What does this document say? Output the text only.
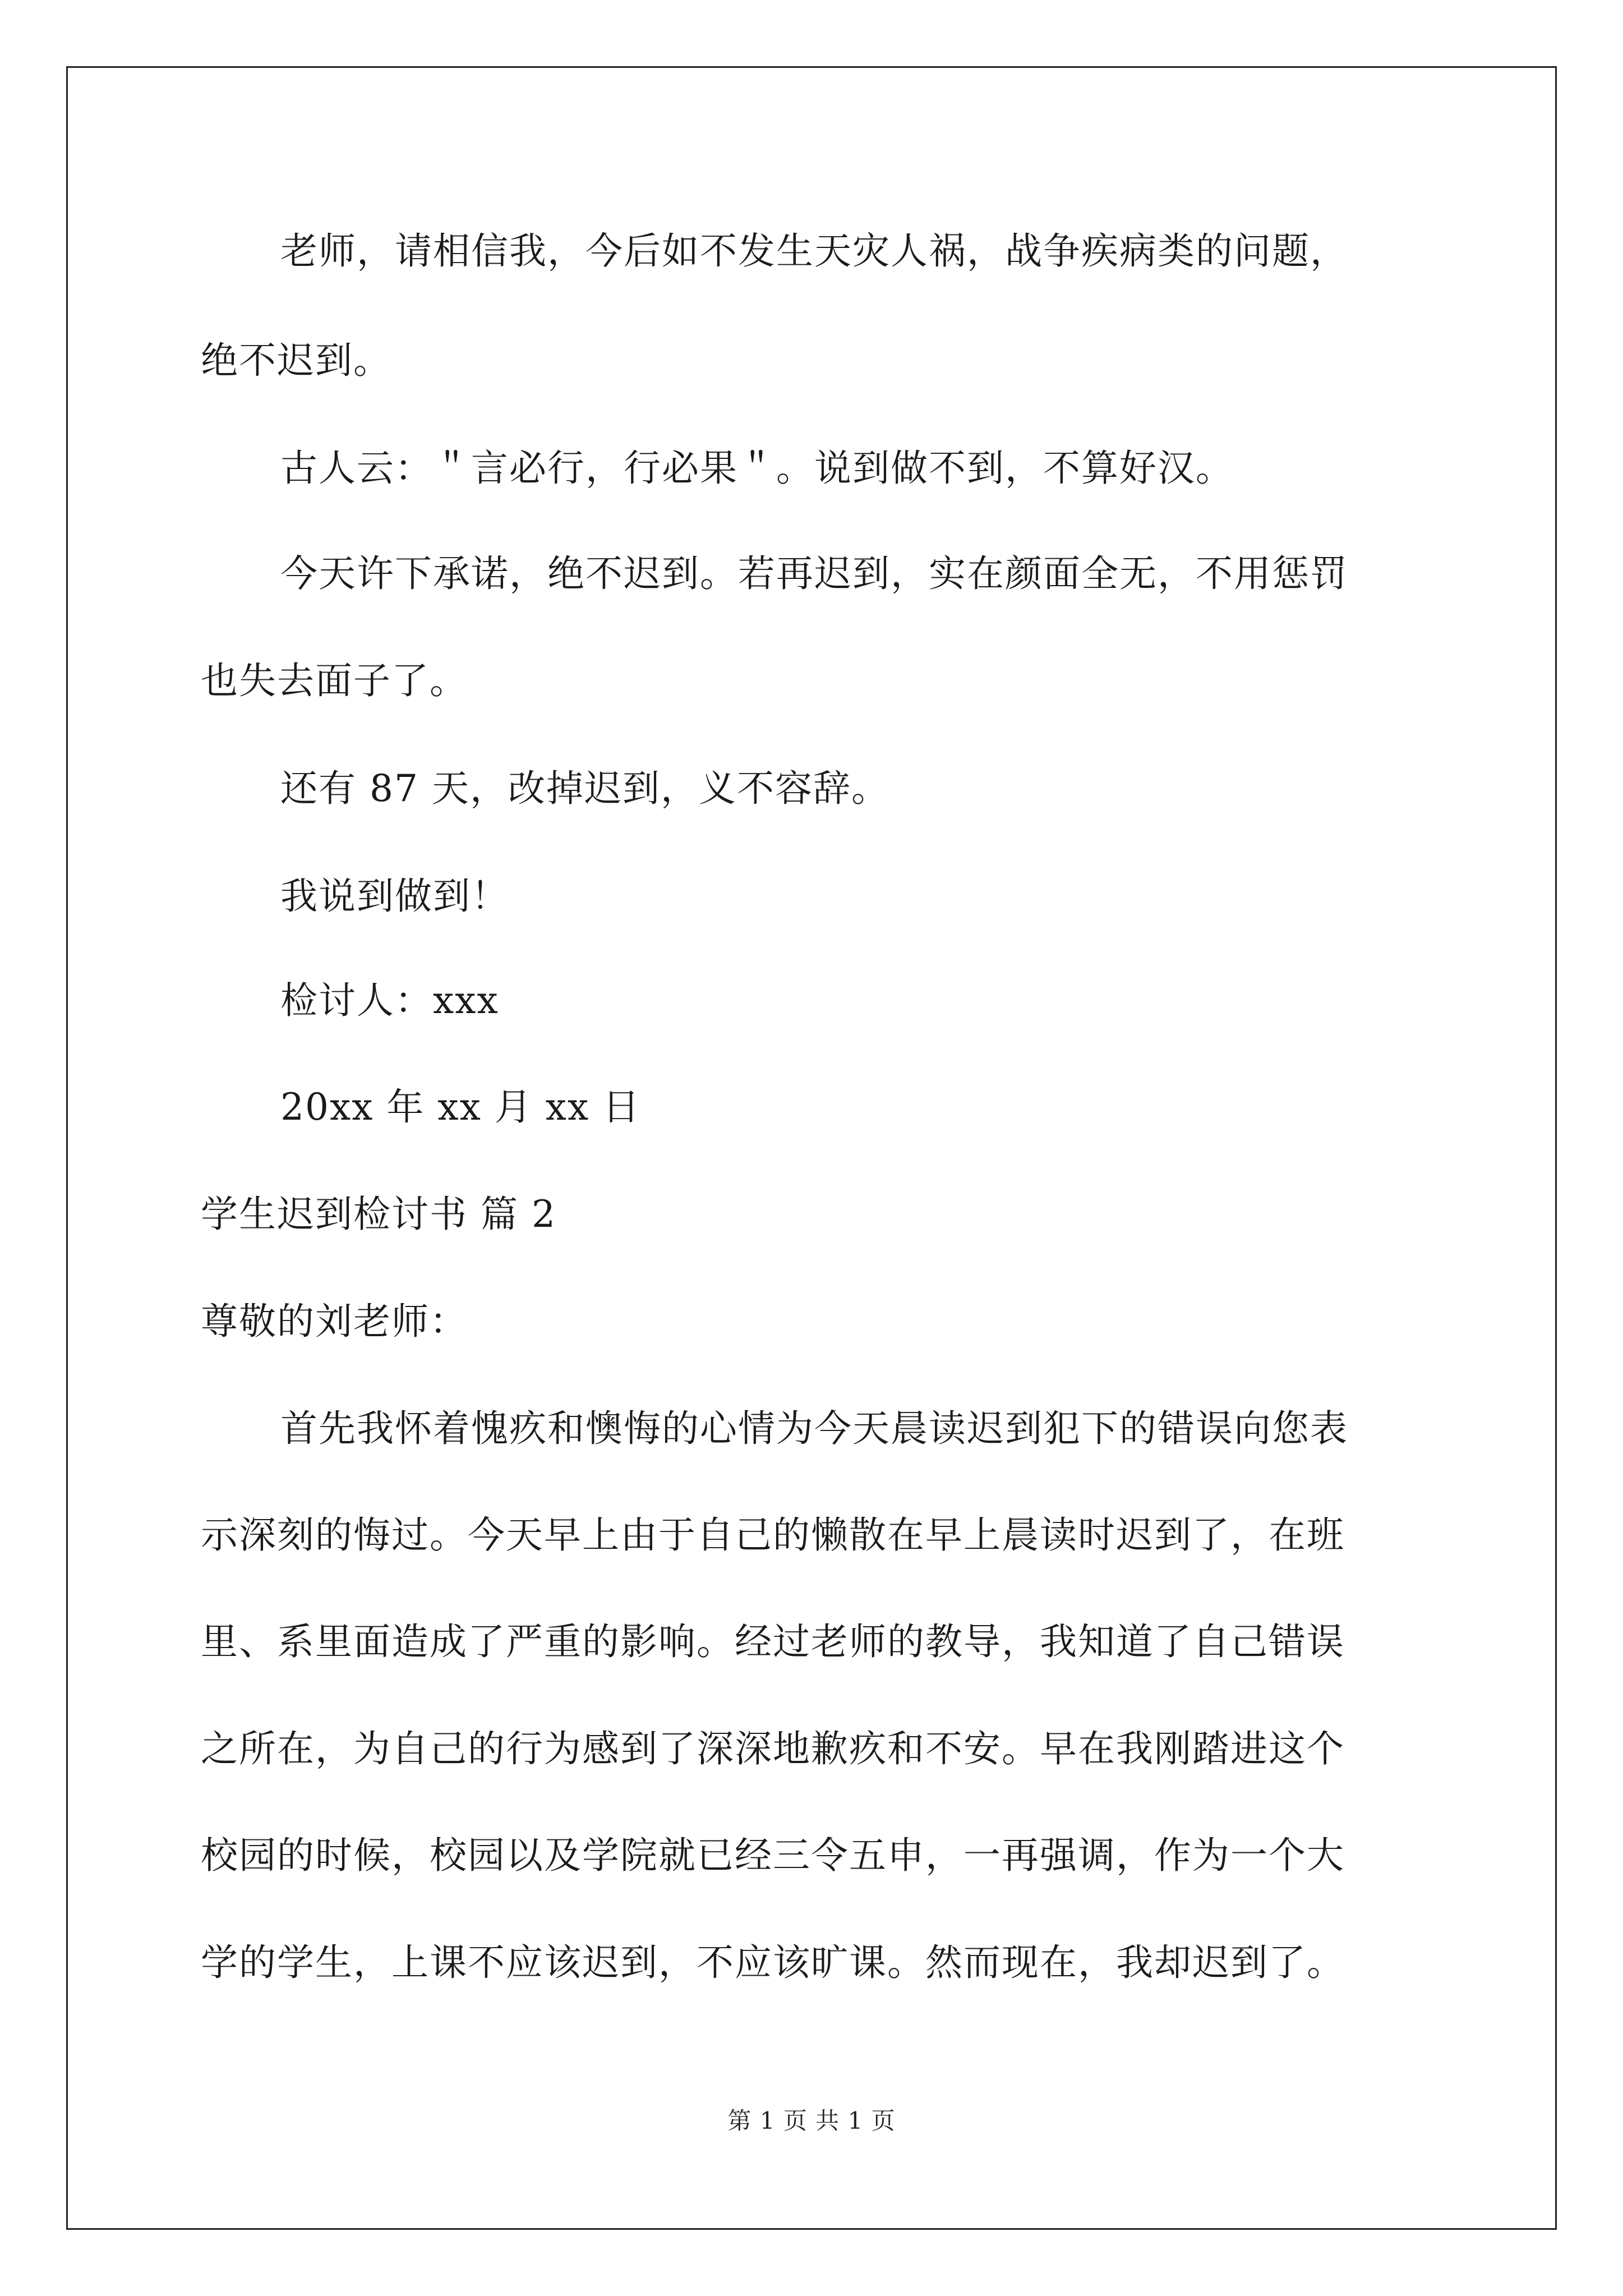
老师，请相信我，今后如不发生天灾人祸，战争疾病类的问题，
绝不迟到。
古人云：＂言必行，行必果＂。说到做不到，不算好汉。
今天许下承诺，绝不迟到。若再迟到，实在颜面全无，不用惩罚
也失去面子了。
还有 87 天，改掉迟到，义不容辞。
我说到做到！
检讨人：xxx
20xx 年 xx 月 xx 日
学生迟到检讨书 篇 2
尊敬的刘老师：
首先我怀着愧疚和懊悔的心情为今天晨读迟到犯下的错误向您表
示深刻的悔过。今天早上由于自己的懒散在早上晨读时迟到了，在班
里、系里面造成了严重的影响。经过老师的教导，我知道了自己错误
之所在，为自己的行为感到了深深地歉疚和不安。早在我刚踏进这个
校园的时候，校园以及学院就已经三令五申，一再强调，作为一个大
学的学生，上课不应该迟到，不应该旷课。然而现在，我却迟到了。
第 1 页 共 1 页
